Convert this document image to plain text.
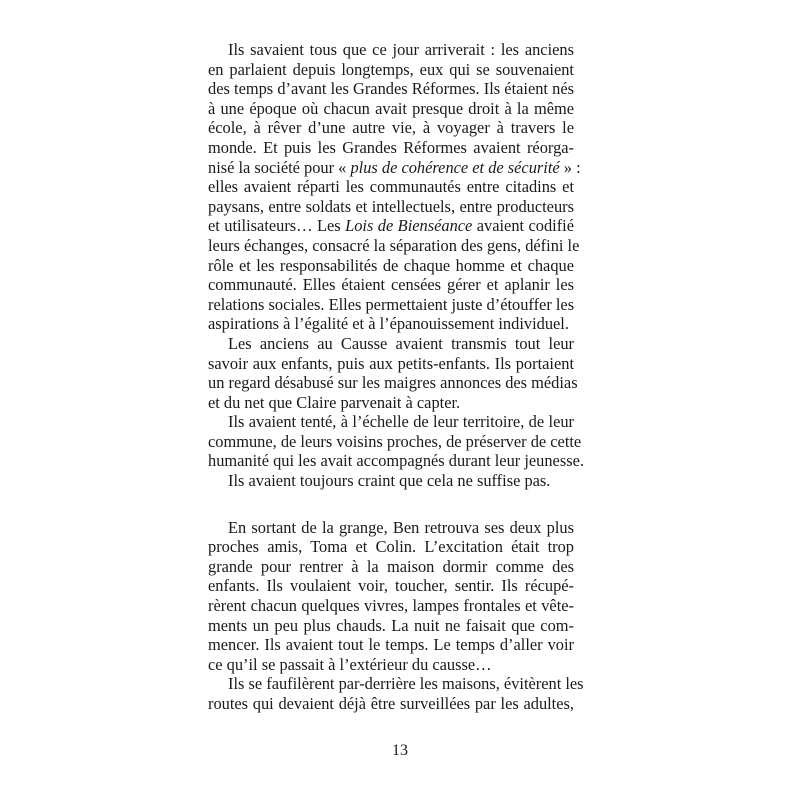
Ils savaient tous que ce jour arriverait : les anciens
en parlaient depuis longtemps, eux qui se souvenaient
des temps d’avant les Grandes Réformes. Ils étaient nés
à une époque où chacun avait presque droit à la même
école, à rêver d’une autre vie, à voyager à travers le
monde. Et puis les Grandes Réformes avaient réorga-
nisé la société pour « plus de cohérence et de sécurité » :
elles avaient réparti les communautés entre citadins et
paysans, entre soldats et intellectuels, entre producteurs
et utilisateurs… Les Lois de Bienséance avaient codifié
leurs échanges, consacré la séparation des gens, défini le
rôle et les responsabilités de chaque homme et chaque
communauté. Elles étaient censées gérer et aplanir les
relations sociales. Elles permettaient juste d’étouffer les
aspirations à l’égalité et à l’épanouissement individuel.
Les anciens au Causse avaient transmis tout leur
savoir aux enfants, puis aux petits-enfants. Ils portaient
un regard désabusé sur les maigres annonces des médias
et du net que Claire parvenait à capter.
Ils avaient tenté, à l’échelle de leur territoire, de leur
commune, de leurs voisins proches, de préserver de cette
humanité qui les avait accompagnés durant leur jeunesse.
Ils avaient toujours craint que cela ne suffise pas.
En sortant de la grange, Ben retrouva ses deux plus
proches amis, Toma et Colin. L’excitation était trop
grande pour rentrer à la maison dormir comme des
enfants. Ils voulaient voir, toucher, sentir. Ils récupé-
rèrent chacun quelques vivres, lampes frontales et vête-
ments un peu plus chauds. La nuit ne faisait que com-
mencer. Ils avaient tout le temps. Le temps d’aller voir
ce qu’il se passait à l’extérieur du causse…
Ils se faufilèrent par-derrière les maisons, évitèrent les
routes qui devaient déjà être surveillées par les adultes,
13
